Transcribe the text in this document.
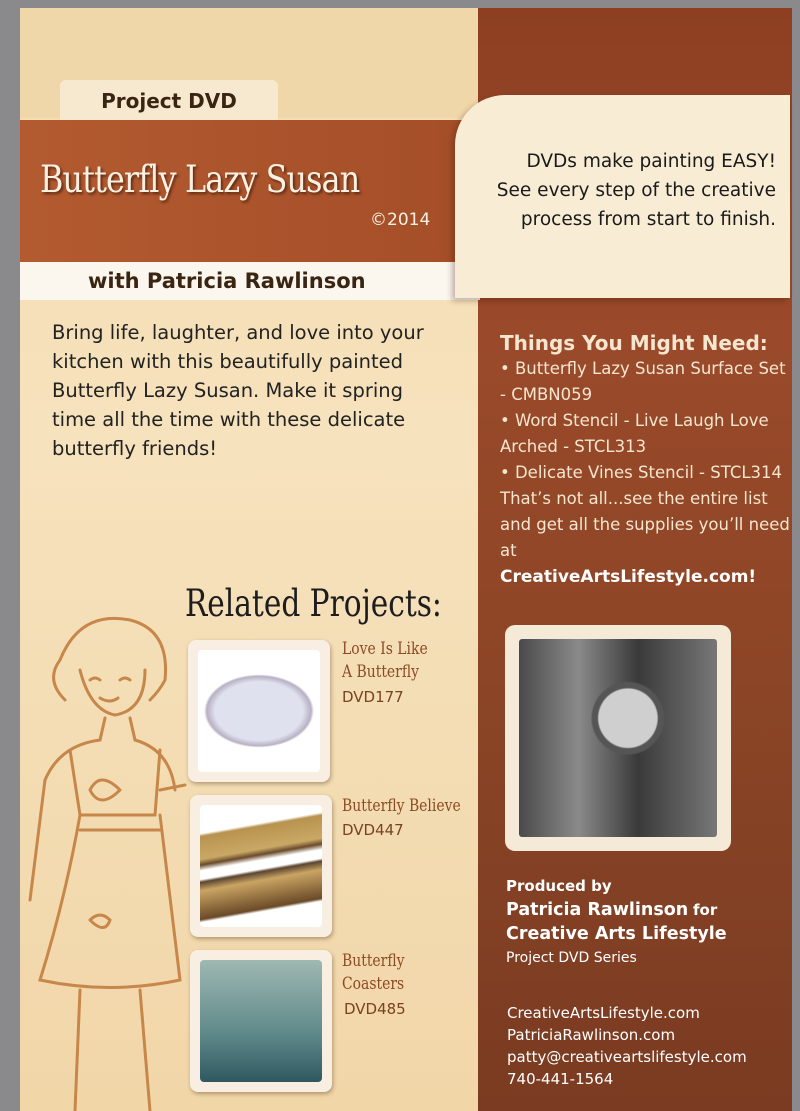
Project DVD
Butterfly Lazy Susan
©2014
with Patricia Rawlinson
DVDs make painting EASY!
See every step of the creative
process from start to finish.
Bring life, laughter, and love into your kitchen with this beautifully painted Butterfly Lazy Susan. Make it spring time all the time with these delicate butterfly friends!
Related Projects:
Love Is Like
A Butterfly
DVD177
Butterfly Believe
DVD447
Butterfly
Coasters
DVD485
Things You Might Need:
• Butterfly Lazy Susan Surface Set - CMBN059
• Word Stencil - Live Laugh Love Arched - STCL313
• Delicate Vines Stencil - STCL314
That’s not all...see the entire list and get all the supplies you’ll need at
CreativeArtsLifestyle.com!
Produced by
Patricia Rawlinson for
Creative Arts Lifestyle
Project DVD Series
CreativeArtsLifestyle.com
PatriciaRawlinson.com
patty@creativeartslifestyle.com
740-441-1564
